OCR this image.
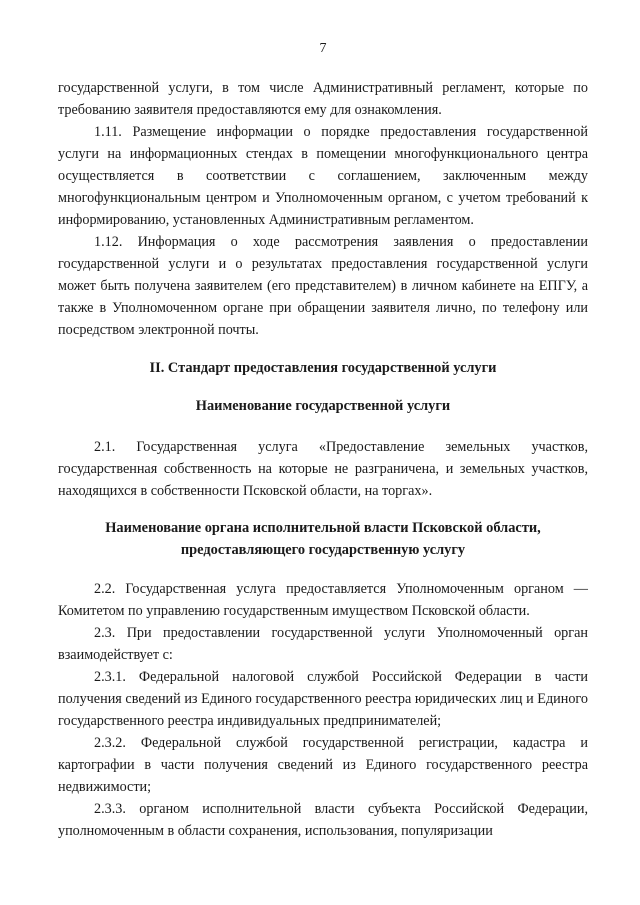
7

государственной услуги, в том числе Административный регламент, которые по требованию заявителя предоставляются ему для ознакомления.

1.11. Размещение информации о порядке предоставления государственной услуги на информационных стендах в помещении многофункционального центра осуществляется в соответствии с соглашением, заключенным между многофункциональным центром и Уполномоченным органом, с учетом требований к информированию, установленных Административным регламентом.

1.12. Информация о ходе рассмотрения заявления о предоставлении государственной услуги и о результатах предоставления государственной услуги может быть получена заявителем (его представителем) в личном кабинете на ЕПГУ, а также в Уполномоченном органе при обращении заявителя лично, по телефону или посредством электронной почты.

II. Стандарт предоставления государственной услуги
Наименование государственной услуги

2.1. Государственная услуга «Предоставление земельных участков, государственная собственность на которые не разграничена, и земельных участков, находящихся в собственности Псковской области, на торгах».

Наименование органа исполнительной власти Псковской области,
предоставляющего государственную услугу

2.2. Государственная услуга предоставляется Уполномоченным органом — Комитетом по управлению государственным имуществом Псковской области.

2.3. При предоставлении государственной услуги Уполномоченный орган взаимодействует с:

2.3.1. Федеральной налоговой службой Российской Федерации в части получения сведений из Единого государственного реестра юридических лиц и Единого государственного реестра индивидуальных предпринимателей;

2.3.2. Федеральной службой государственной регистрации, кадастра и картографии в части получения сведений из Единого государственного реестра недвижимости;

2.3.3. органом исполнительной власти субъекта Российской Федерации, уполномоченным в области сохранения, использования, популяризации
